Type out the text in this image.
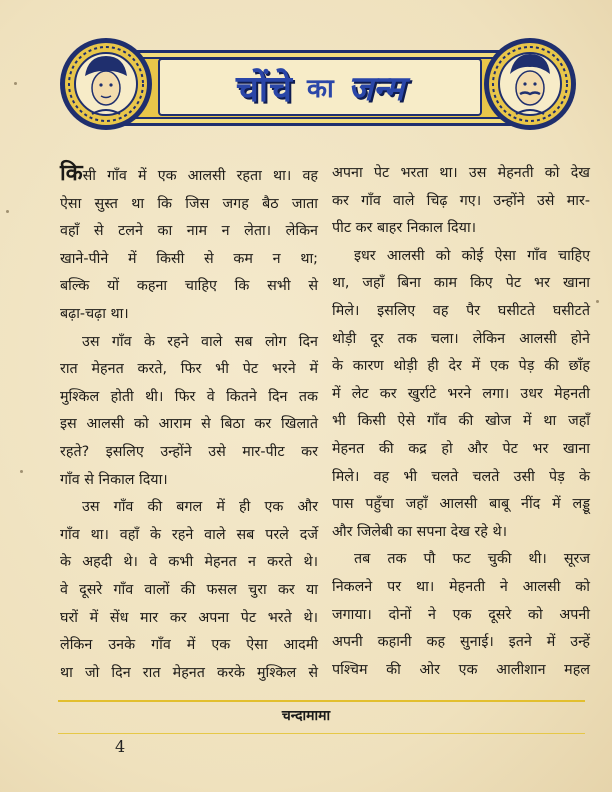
चोंचे का जन्म
किसी गाँव में एक आलसी रहता था। वह
ऐसा सुस्त था कि जिस जगह बैठ जाता
वहाँ से टलने का नाम न लेता। लेकिन
खाने-पीने में किसी से कम न था;
बल्कि यों कहना चाहिए कि सभी से
बढ़ा-चढ़ा था।
उस गाँव के रहने वाले सब लोग दिन
रात मेहनत करते, फिर भी पेट भरने में
मुश्किल होती थी। फिर वे कितने दिन तक
इस आलसी को आराम से बिठा कर खिलाते
रहते? इसलिए उन्होंने उसे मार-पीट कर
गाँव से निकाल दिया।
उस गाँव की बगल में ही एक और
गाँव था। वहाँ के रहने वाले सब परले दर्जे
के अहदी थे। वे कभी मेहनत न करते थे।
वे दूसरे गाँव वालों की फसल चुरा कर या
घरों में सेंध मार कर अपना पेट भरते थे।
लेकिन उनके गाँव में एक ऐसा आदमी
था जो दिन रात मेहनत करके मुश्किल से
अपना पेट भरता था। उस मेहनती को देख
कर गाँव वाले चिढ़ गए। उन्होंने उसे मार-
पीट कर बाहर निकाल दिया।
इधर आलसी को कोई ऐसा गाँव चाहिए
था, जहाँ बिना काम किए पेट भर खाना
मिले। इसलिए वह पैर घसीटते घसीटते
थोड़ी दूर तक चला। लेकिन आलसी होने
के कारण थोड़ी ही देर में एक पेड़ की छाँह
में लेट कर खुर्राटे भरने लगा। उधर मेहनती
भी किसी ऐसे गाँव की खोज में था जहाँ
मेहनत की कद्र हो और पेट भर खाना
मिले। वह भी चलते चलते उसी पेड़ के
पास पहुँचा जहाँ आलसी बाबू नींद में लड्डू
और जिलेबी का सपना देख रहे थे।
तब तक पौ फट चुकी थी। सूरज
निकलने पर था। मेहनती ने आलसी को
जगाया। दोनों ने एक दूसरे को अपनी
अपनी कहानी कह सुनाई। इतने में उन्हें
पश्चिम की ओर एक आलीशान महल
चन्दामामा
4
